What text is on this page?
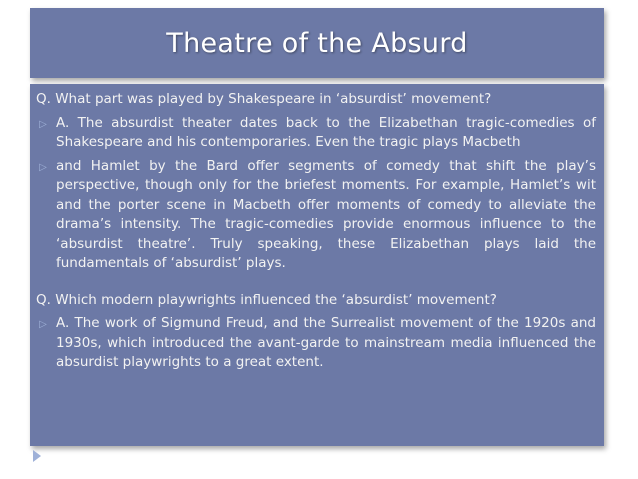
Theatre of the Absurd

Q. What part was played by Shakespeare in ‘absurdist’ movement?

▷ A. The absurdist theater dates back to the Elizabethan tragic-comedies of Shakespeare and his contemporaries. Even the tragic plays Macbeth
▷ and Hamlet by the Bard offer segments of comedy that shift the play’s perspective, though only for the briefest moments. For example, Hamlet’s wit and the porter scene in Macbeth offer moments of comedy to alleviate the drama’s intensity. The tragic-comedies provide enormous influence to the ‘absurdist theatre’. Truly speaking, these Elizabethan plays laid the fundamentals of ‘absurdist’ plays.

Q. Which modern playwrights influenced the ‘absurdist’ movement?

▷ A. The work of Sigmund Freud, and the Surrealist movement of the 1920s and 1930s, which introduced the avant-garde to mainstream media influenced the absurdist playwrights to a great extent.
